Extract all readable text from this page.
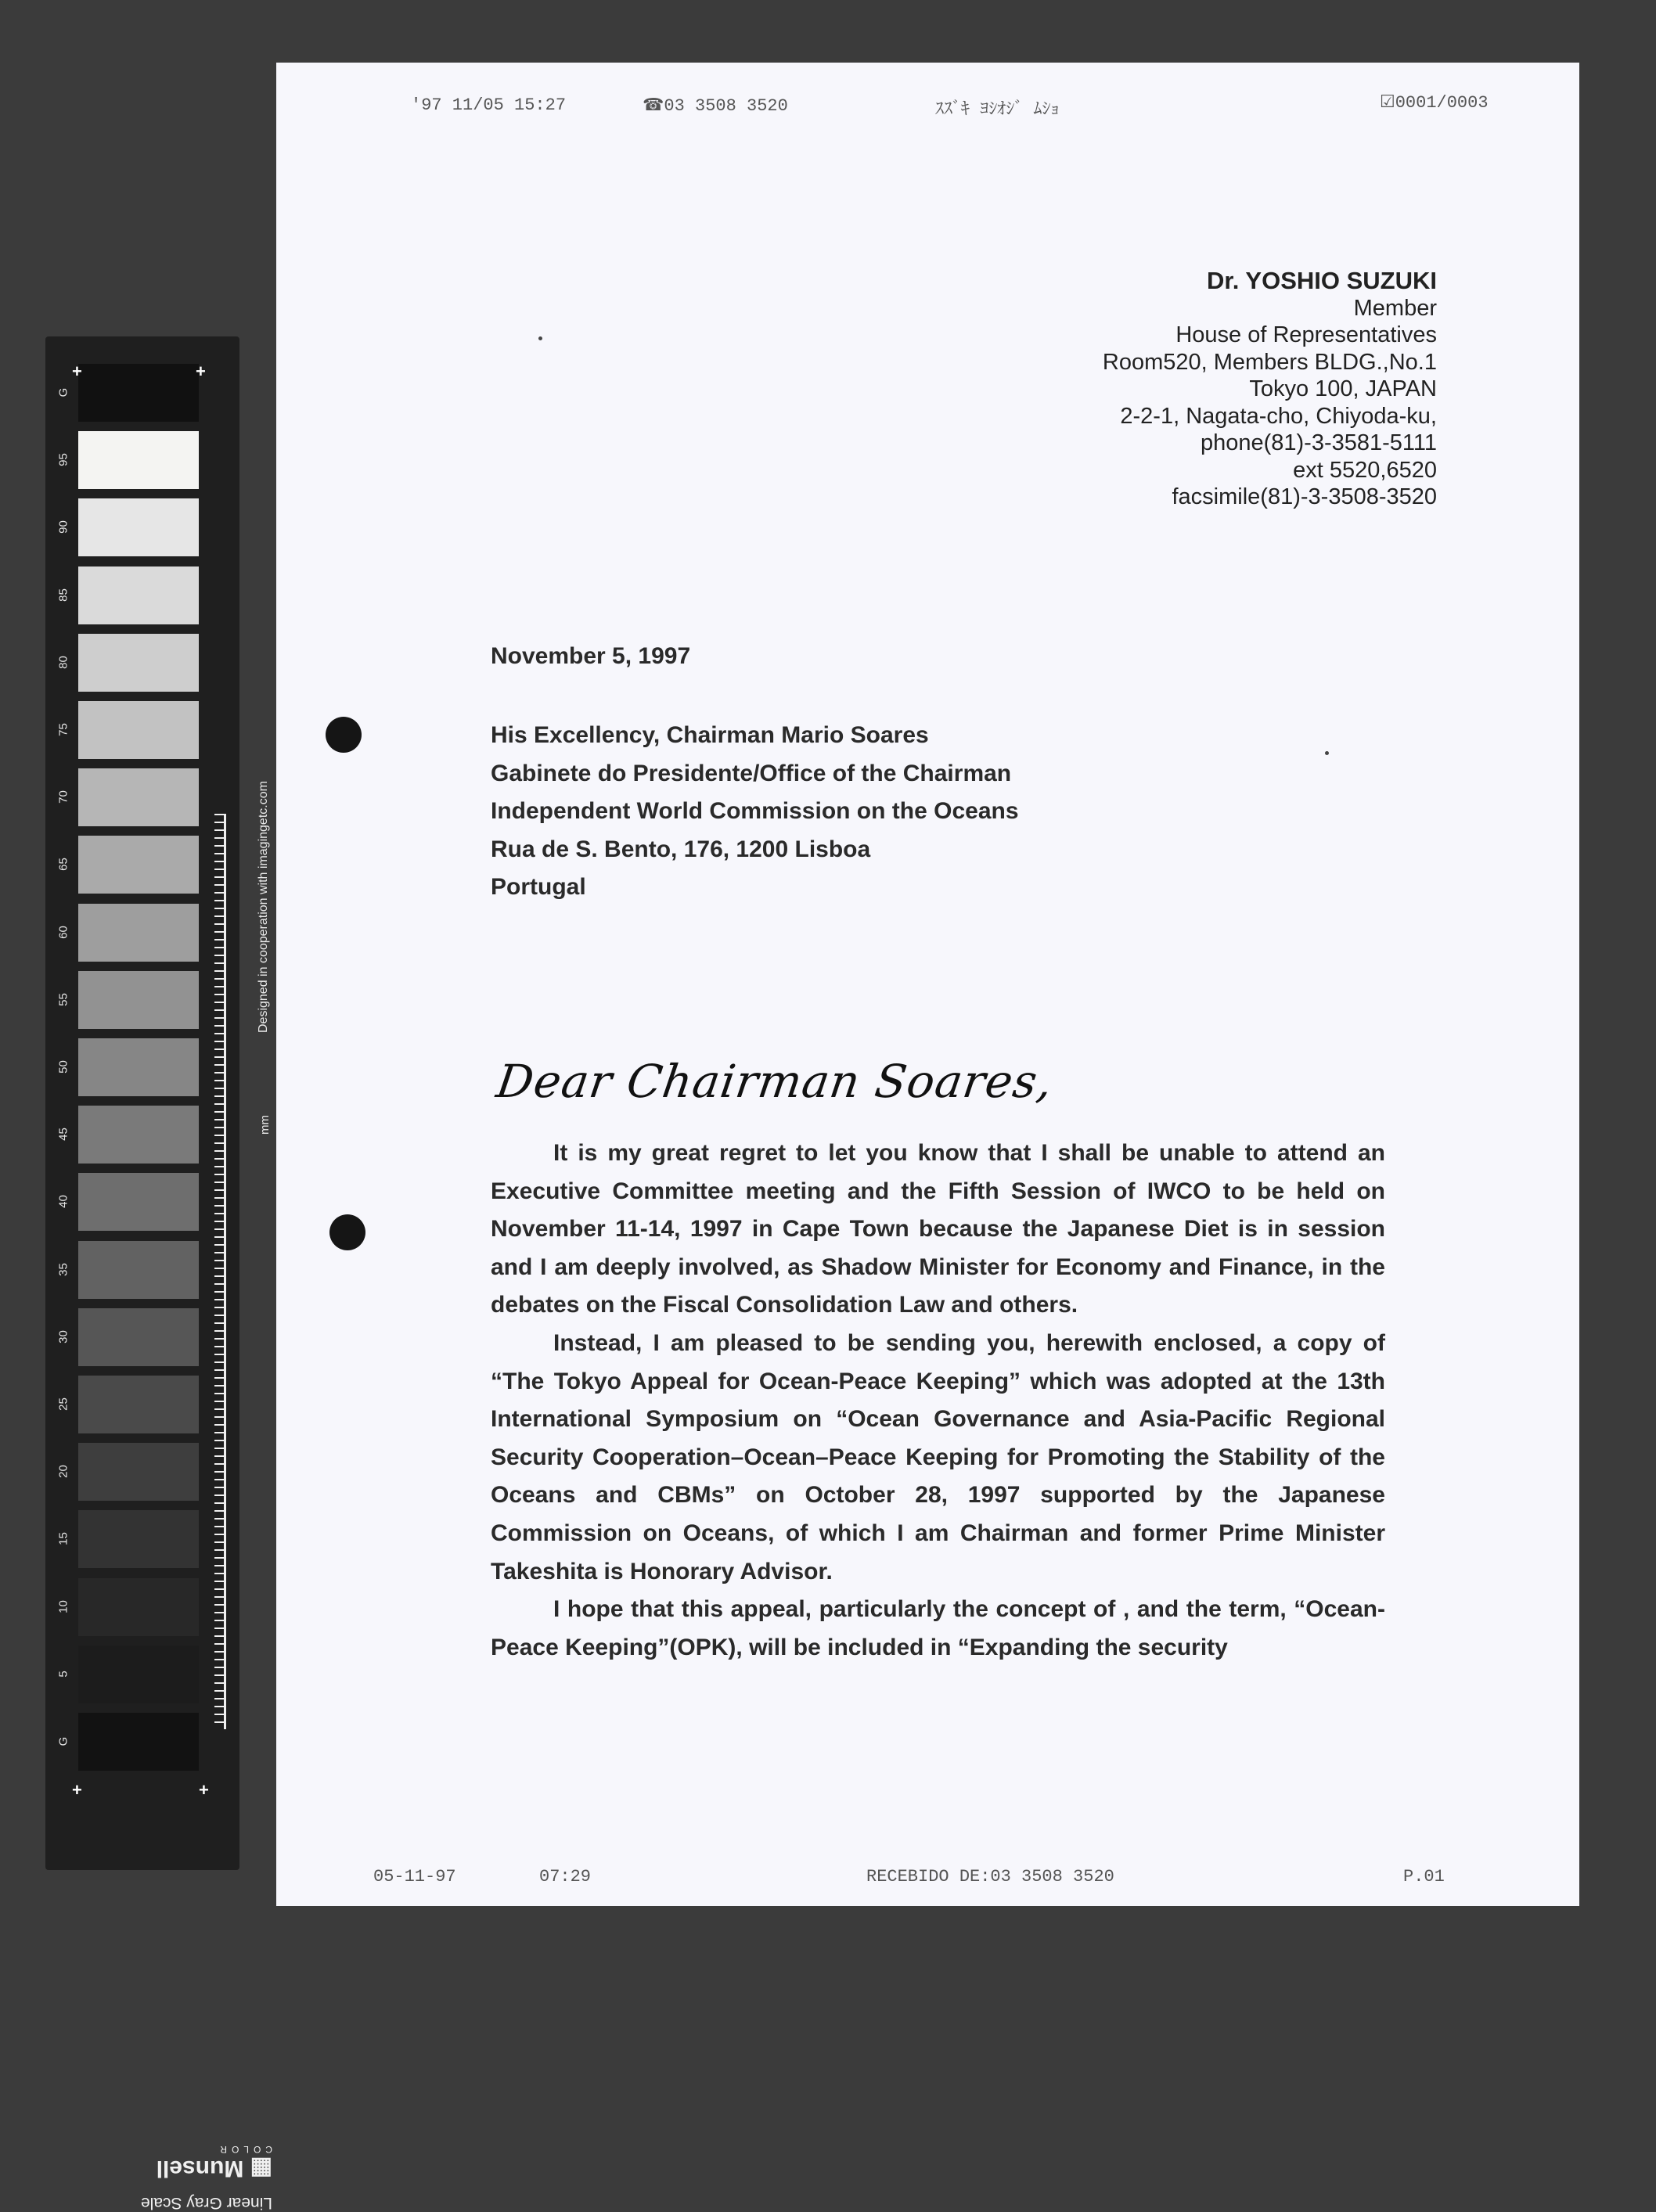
G
95
90
85
80
75
70
65
60
55
50
45
40
35
30
25
20
15
10
5
G
Designed in cooperation with imagingetc.com
mm
+	+
+	+
Linear Gray Scale
▦ Munsell
COLOR
'97 11/05 15:27	☎03 3508 3520	ｽｽﾞｷ ﾖｼｵｼﾞ ﾑｼｮ	☑0001/0003
Dr. YOSHIO SUZUKI
Member
House of Representatives
Room520, Members BLDG.,No.1
Tokyo 100, JAPAN
2-2-1, Nagata-cho, Chiyoda-ku,
phone(81)-3-3581-5111
ext 5520,6520
facsimile(81)-3-3508-3520
November 5, 1997
His Excellency, Chairman Mario Soares
Gabinete do Presidente/Office of the Chairman
Independent World Commission on the Oceans
Rua de S. Bento, 176, 1200 Lisboa
Portugal
Dear Chairman Soares,

It is my great regret to let you know that I shall be unable to attend an Executive Committee meeting and the Fifth Session of IWCO to be held on November 11-14, 1997 in Cape Town because the Japanese Diet is in session and I am deeply involved, as Shadow Minister for Economy and Finance, in the debates on the Fiscal Consolidation Law and others.

Instead, I am pleased to be sending you, herewith enclosed, a copy of “The Tokyo Appeal for Ocean-Peace Keeping” which was adopted at the 13th International Symposium on “Ocean Governance and Asia-Pacific Regional Security Cooperation–Ocean–Peace Keeping for Promoting the Stability of the Oceans and CBMs” on October 28, 1997 supported by the Japanese Commission on Oceans, of which I am Chairman and former Prime Minister Takeshita is Honorary Advisor.

I hope that this appeal, particularly the concept of , and the term, “Ocean-Peace Keeping”(OPK), will be included in “Expanding the security

05-11-97	07:29	RECEBIDO DE:03 3508 3520	P.01
